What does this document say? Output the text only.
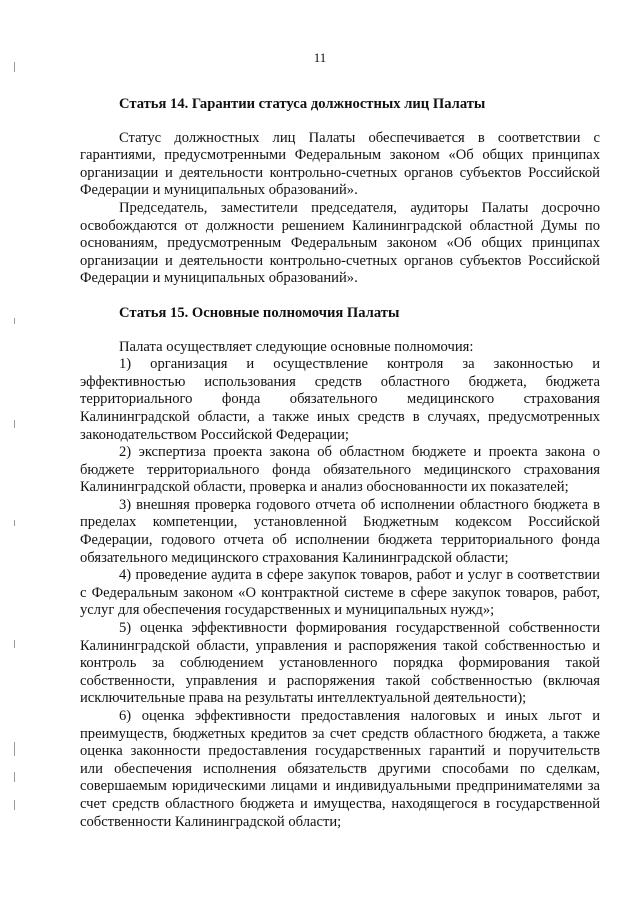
11

Статья 14. Гарантии статуса должностных лиц Палаты

Статус должностных лиц Палаты обеспечивается в соответствии с гарантиями, предусмотренными Федеральным законом «Об общих принципах организации и деятельности контрольно-счетных органов субъектов Российской Федерации и муниципальных образований».

Председатель, заместители председателя, аудиторы Палаты досрочно освобождаются от должности решением Калининградской областной Думы по основаниям, предусмотренным Федеральным законом «Об общих принципах организации и деятельности контрольно-счетных органов субъектов Российской Федерации и муниципальных образований».

Статья 15. Основные полномочия Палаты

Палата осуществляет следующие основные полномочия:

1) организация и осуществление контроля за законностью и эффективностью использования средств областного бюджета, бюджета территориального фонда обязательного медицинского страхования Калининградской области, а также иных средств в случаях, предусмотренных законодательством Российской Федерации;

2) экспертиза проекта закона об областном бюджете и проекта закона о бюджете территориального фонда обязательного медицинского страхования Калининградской области, проверка и анализ обоснованности их показателей;

3) внешняя проверка годового отчета об исполнении областного бюджета в пределах компетенции, установленной Бюджетным кодексом Российской Федерации, годового отчета об исполнении бюджета территориального фонда обязательного медицинского страхования Калининградской области;

4) проведение аудита в сфере закупок товаров, работ и услуг в соответствии с Федеральным законом «О контрактной системе в сфере закупок товаров, работ, услуг для обеспечения государственных и муниципальных нужд»;

5) оценка эффективности формирования государственной собственности Калининградской области, управления и распоряжения такой собственностью и контроль за соблюдением установленного порядка формирования такой собственности, управления и распоряжения такой собственностью (включая исключительные права на результаты интеллектуальной деятельности);

6) оценка эффективности предоставления налоговых и иных льгот и преимуществ, бюджетных кредитов за счет средств областного бюджета, а также оценка законности предоставления государственных гарантий и поручительств или обеспечения исполнения обязательств другими способами по сделкам, совершаемым юридическими лицами и индивидуальными предпринимателями за счет средств областного бюджета и имущества, находящегося в государственной собственности Калининградской области;
